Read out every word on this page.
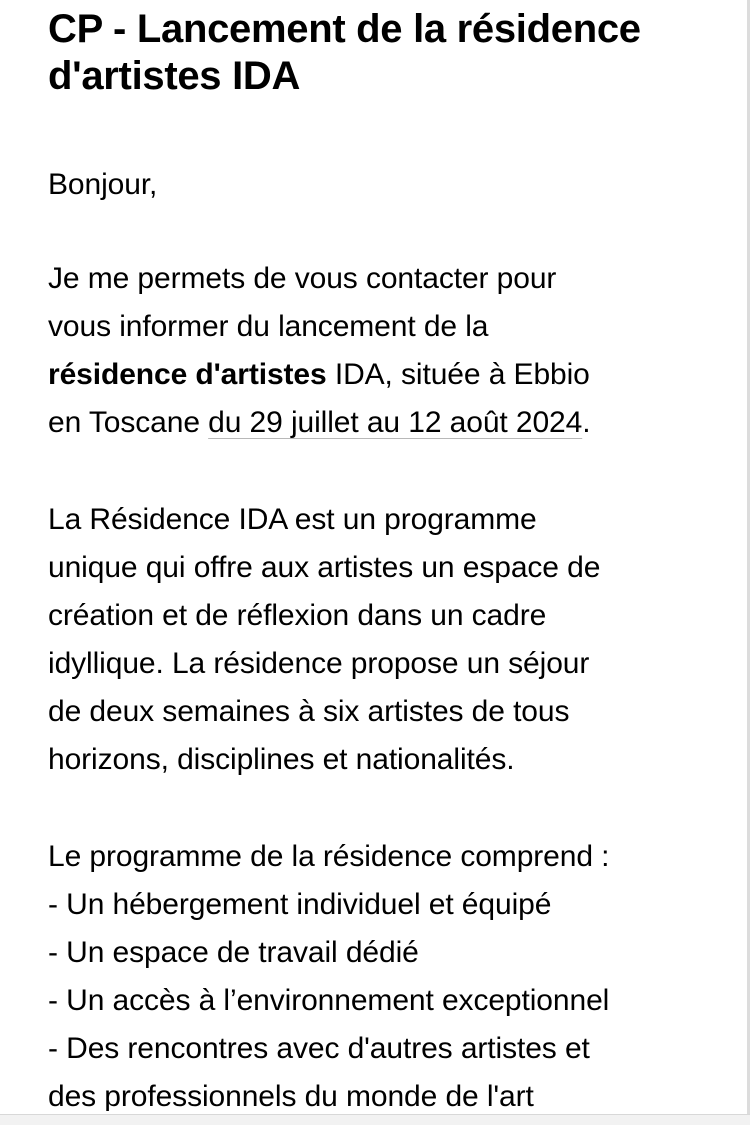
CP - Lancement de la résidence
d'artistes IDA
Bonjour,
Je me permets de vous contacter pour
vous informer du lancement de la
résidence d'artistes IDA, située à Ebbio
en Toscane du 29 juillet au 12 août 2024.
La Résidence IDA est un programme
unique qui offre aux artistes un espace de
création et de réflexion dans un cadre
idyllique. La résidence propose un séjour
de deux semaines à six artistes de tous
horizons, disciplines et nationalités.
Le programme de la résidence comprend :
- Un hébergement individuel et équipé
- Un espace de travail dédié
- Un accès à l’environnement exceptionnel
- Des rencontres avec d'autres artistes et
des professionnels du monde de l'art
